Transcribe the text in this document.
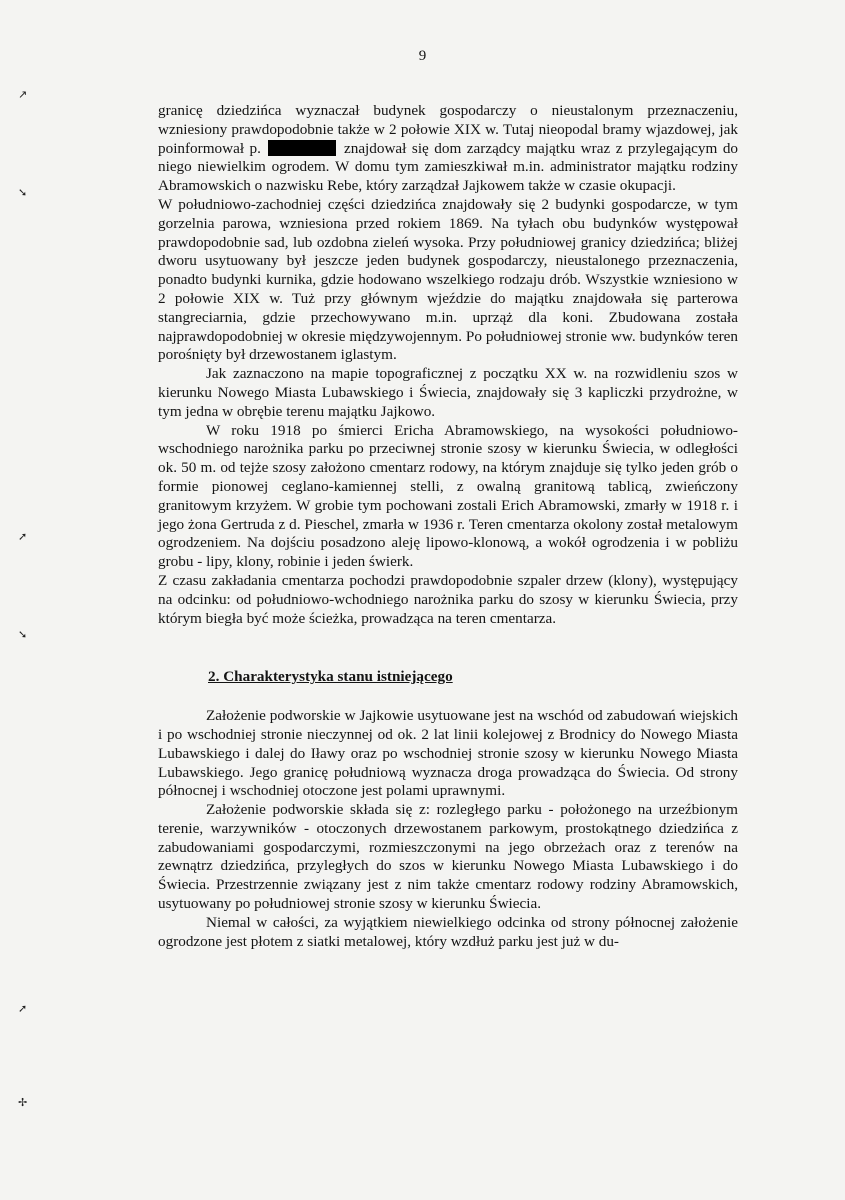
9
↗
➘
➚
➘
➚
✢

granicę dziedzińca wyznaczał budynek gospodarczy o nieustalonym przeznaczeniu, wzniesiony prawdopodobnie także w 2 połowie XIX w. Tutaj nieopodal bramy wjazdowej, jak poinformował p.	znajdował się dom zarządcy majątku wraz z przylegającym do niego niewielkim ogrodem. W domu tym zamieszkiwał m.in. administrator majątku rodziny Abramowskich o nazwisku Rebe, który zarządzał Jajkowem także w czasie okupacji.

W południowo-zachodniej części dziedzińca znajdowały się 2 budynki gospodarcze, w tym gorzelnia parowa, wzniesiona przed rokiem 1869. Na tyłach obu budynków występował prawdopodobnie sad, lub ozdobna zieleń wysoka. Przy południowej granicy dziedzińca; bliżej dworu usytuowany był jeszcze jeden budynek gospodarczy, nieustalonego przeznaczenia, ponadto budynki kurnika, gdzie hodowano wszelkiego rodzaju drób. Wszystkie wzniesiono w 2 połowie XIX w. Tuż przy głównym wjeździe do majątku znajdowała się parterowa stangreciarnia, gdzie przechowywano m.in. uprząż dla koni. Zbudowana została najprawdopodobniej w okresie międzywojennym. Po południowej stronie ww. budynków teren porośnięty był drzewostanem iglastym.

Jak zaznaczono na mapie topograficznej z początku XX w. na rozwidleniu szos w kierunku Nowego Miasta Lubawskiego i Świecia, znajdowały się 3 kapliczki przydrożne, w tym jedna w obrębie terenu majątku Jajkowo.

W roku 1918 po śmierci Ericha Abramowskiego, na wysokości południowo-wschodniego narożnika parku po przeciwnej stronie szosy w kierunku Świecia, w odległości ok. 50 m. od tejże szosy założono cmentarz rodowy, na którym znajduje się tylko jeden grób o formie pionowej ceglano-kamiennej stelli, z owalną granitową tablicą, zwieńczony granitowym krzyżem. W grobie tym pochowani zostali Erich Abramowski, zmarły w 1918 r. i jego żona Gertruda z d. Pieschel, zmarła w 1936 r. Teren cmentarza okolony został metalowym ogrodzeniem. Na dojściu posadzono aleję lipowo-klonową, a wokół ogrodzenia i w pobliżu grobu - lipy, klony, robinie i jeden świerk.

Z czasu zakładania cmentarza pochodzi prawdopodobnie szpaler drzew (klony), występujący na odcinku: od południowo-wchodniego narożnika parku do szosy w kierunku Świecia, przy którym biegła być może ścieżka, prowadząca na teren cmentarza.

2. Charakterystyka stanu istniejącego

Założenie podworskie w Jajkowie usytuowane jest na wschód od zabudowań wiejskich i po wschodniej stronie nieczynnej od ok. 2 lat linii kolejowej z Brodnicy do Nowego Miasta Lubawskiego i dalej do Iławy oraz po wschodniej stronie szosy w kierunku Nowego Miasta Lubawskiego. Jego granicę południową wyznacza droga prowadząca do Świecia. Od strony północnej i wschodniej otoczone jest polami uprawnymi.

Założenie podworskie składa się z: rozległego parku - położonego na urzeźbionym terenie, warzywników - otoczonych drzewostanem parkowym, prostokątnego dziedzińca z zabudowaniami gospodarczymi, rozmieszczonymi na jego obrzeżach oraz z terenów na zewnątrz dziedzińca, przyległych do szos w kierunku Nowego Miasta Lubawskiego i do Świecia. Przestrzennie związany jest z nim także cmentarz rodowy rodziny Abramowskich, usytuowany po południowej stronie szosy w kierunku Świecia.

Niemal w całości, za wyjątkiem niewielkiego odcinka od strony północnej założenie ogrodzone jest płotem z siatki metalowej, który wzdłuż parku jest już w du-
